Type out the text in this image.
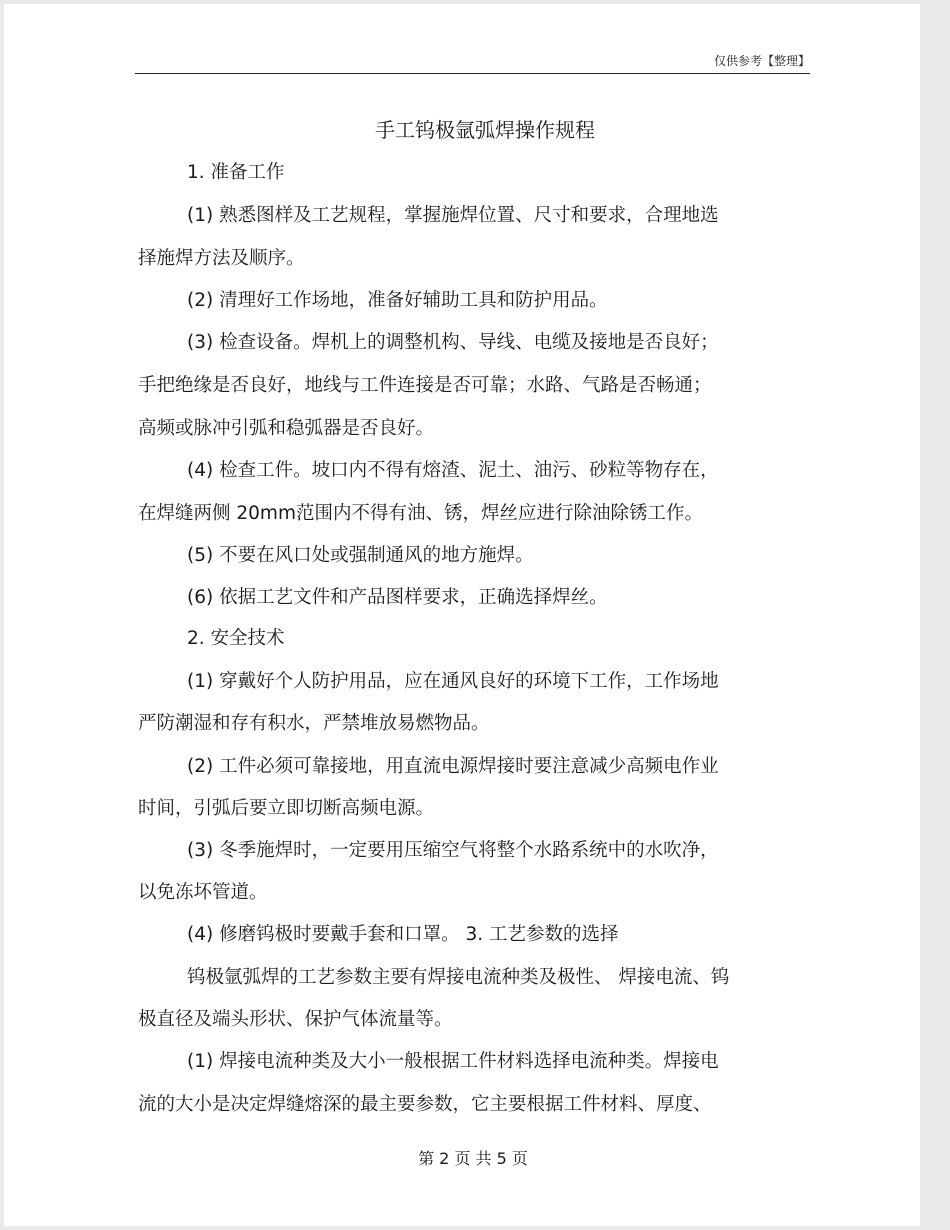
仅供参考【整理】
手工钨极氩弧焊操作规程
1. 准备工作
(1) 熟悉图样及工艺规程，掌握施焊位置、尺寸和要求，合理地选
择施焊方法及顺序。
(2) 清理好工作场地，准备好辅助工具和防护用品。
(3) 检查设备。焊机上的调整机构、导线、电缆及接地是否良好；
手把绝缘是否良好，地线与工件连接是否可靠；水路、气路是否畅通；
高频或脉冲引弧和稳弧器是否良好。
(4) 检查工件。坡口内不得有熔渣、泥土、油污、砂粒等物存在，
在焊缝两侧 20mm范围内不得有油、锈，焊丝应进行除油除锈工作。
(5) 不要在风口处或强制通风的地方施焊。
(6) 依据工艺文件和产品图样要求，正确选择焊丝。
2. 安全技术
(1) 穿戴好个人防护用品，应在通风良好的环境下工作，工作场地
严防潮湿和存有积水，严禁堆放易燃物品。
(2) 工件必须可靠接地，用直流电源焊接时要注意减少高频电作业
时间，引弧后要立即切断高频电源。
(3) 冬季施焊时，一定要用压缩空气将整个水路系统中的水吹净，
以免冻坏管道。
(4) 修磨钨极时要戴手套和口罩。 3. 工艺参数的选择
钨极氩弧焊的工艺参数主要有焊接电流种类及极性、 焊接电流、钨
极直径及端头形状、保护气体流量等。
(1) 焊接电流种类及大小一般根据工件材料选择电流种类。焊接电
流的大小是决定焊缝熔深的最主要参数，它主要根据工件材料、厚度、
第 2 页 共 5 页
